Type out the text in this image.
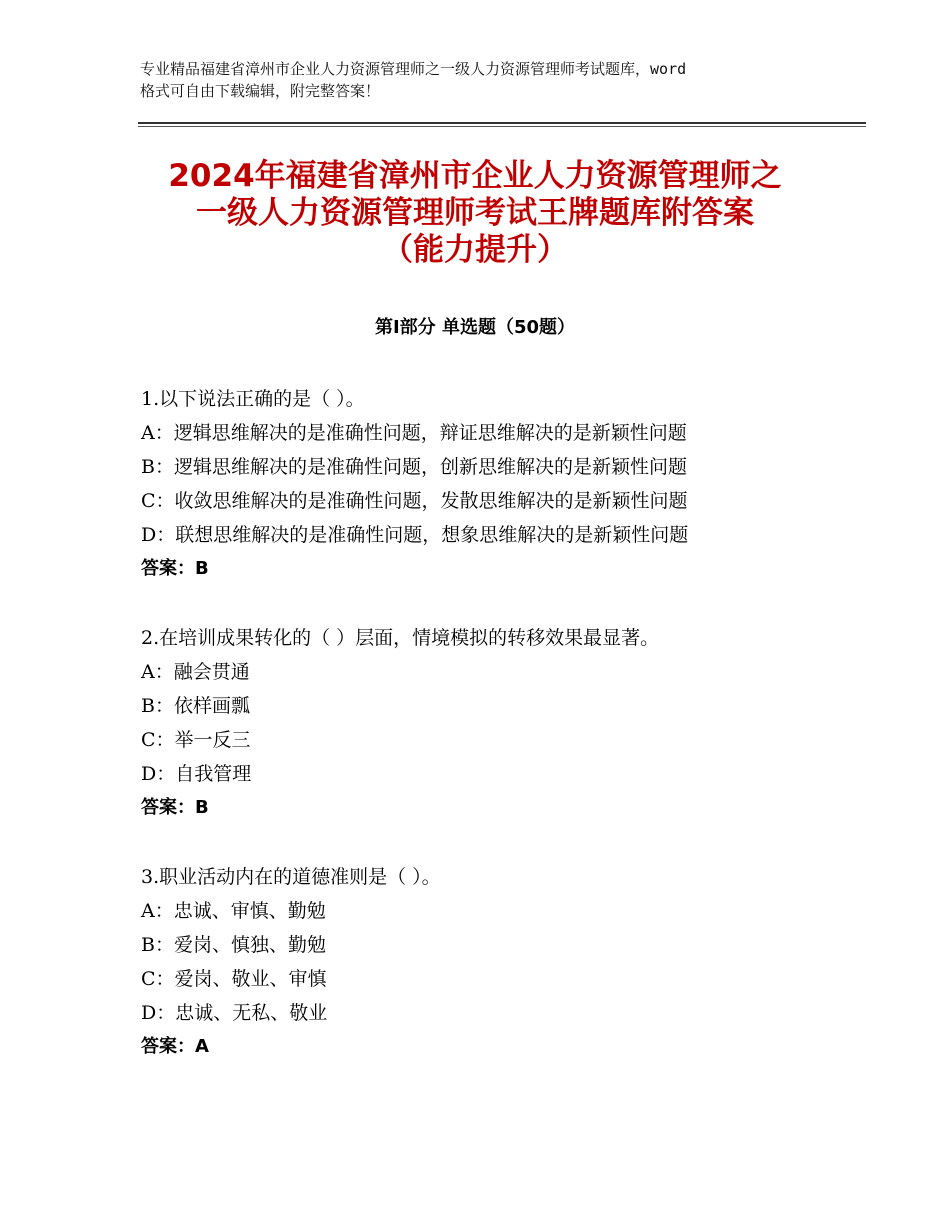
专业精品福建省漳州市企业人力资源管理师之一级人力资源管理师考试题库，word
格式可自由下载编辑，附完整答案！
2024年福建省漳州市企业人力资源管理师之
一级人力资源管理师考试王牌题库附答案
（能力提升）
第Ⅰ部分 单选题（50题）
1.以下说法正确的是（ ）。
A：逻辑思维解决的是准确性问题，辩证思维解决的是新颖性问题
B：逻辑思维解决的是准确性问题，创新思维解决的是新颖性问题
C：收敛思维解决的是准确性问题，发散思维解决的是新颖性问题
D：联想思维解决的是准确性问题，想象思维解决的是新颖性问题
答案：B
2.在培训成果转化的（ ）层面，情境模拟的转移效果最显著。
A：融会贯通
B：依样画瓢
C：举一反三
D：自我管理
答案：B
3.职业活动内在的道德准则是（ ）。
A：忠诚、审慎、勤勉
B：爱岗、慎独、勤勉
C：爱岗、敬业、审慎
D：忠诚、无私、敬业
答案：A
